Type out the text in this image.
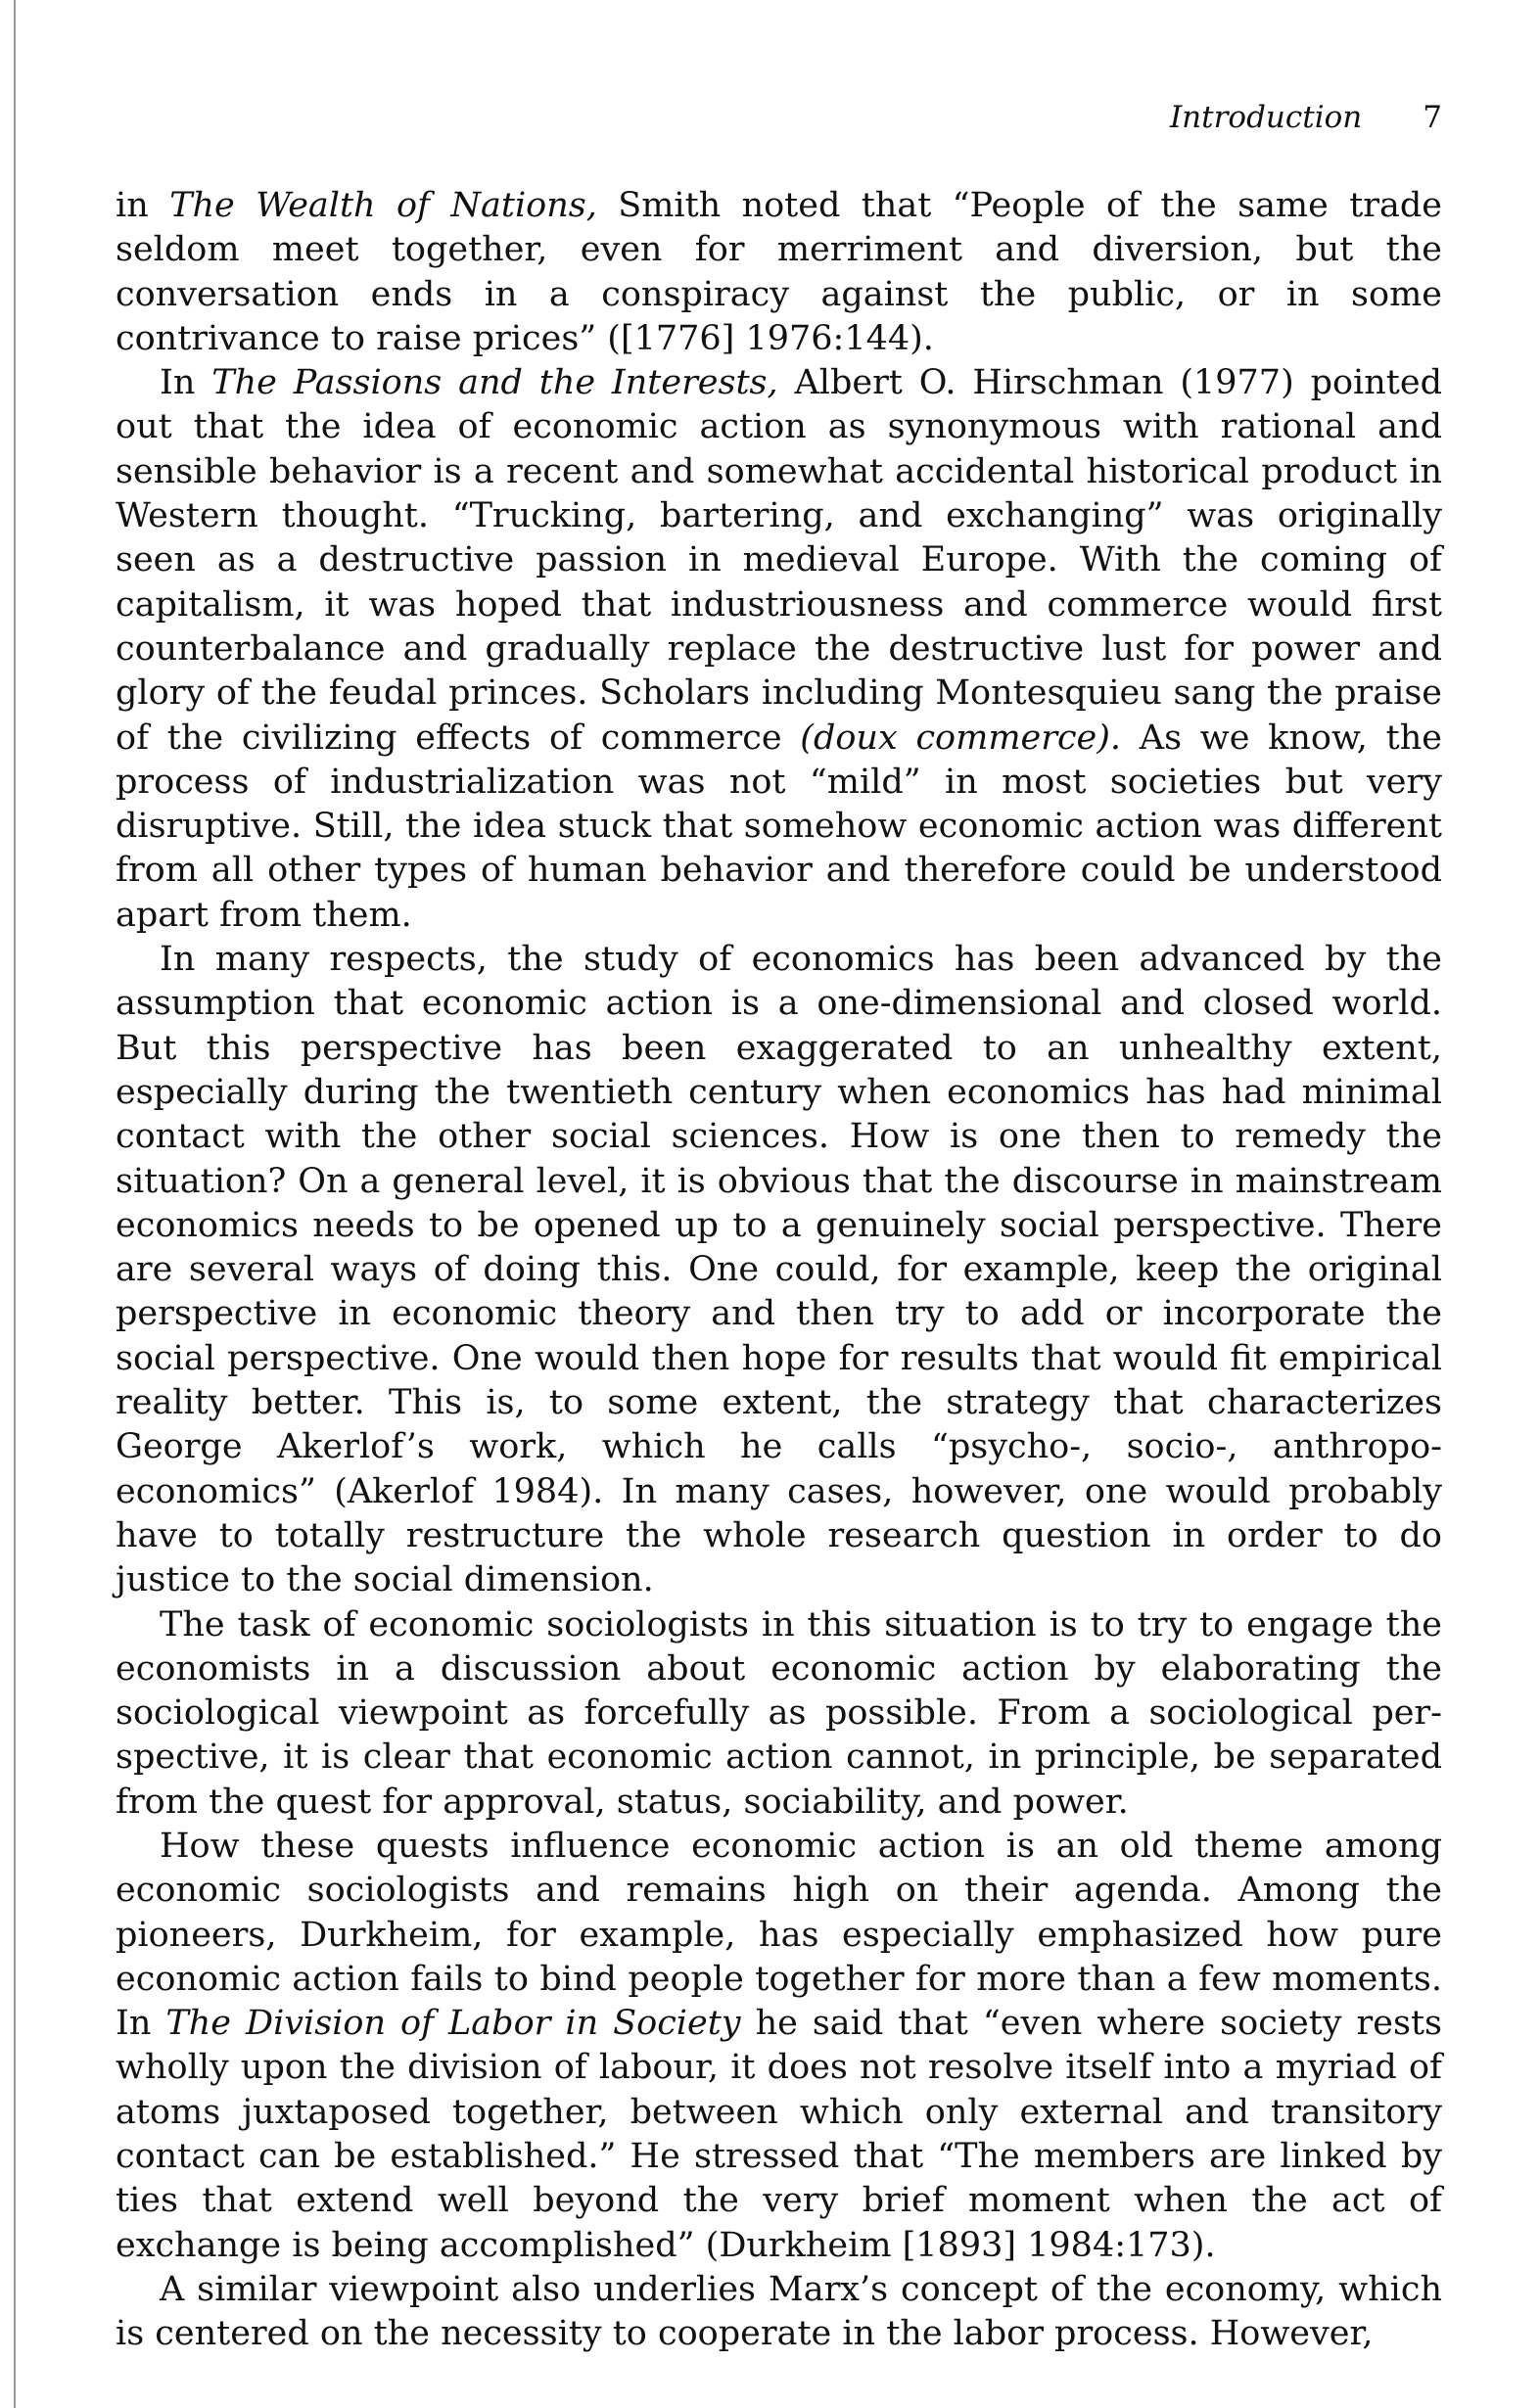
Introduction 7

in The Wealth of Nations, Smith noted that “People of the same trade seldom meet together, even for merriment and diversion, but the conversation ends in a conspiracy against the public, or in some contrivance to raise prices” ([1776] 1976:144).

In The Passions and the Interests, Albert O. Hirschman (1977) pointed out that the idea of economic action as synonymous with rational and sensible behavior is a recent and somewhat accidental historical product in Western thought. “Trucking, bartering, and exchanging” was originally seen as a destructive passion in medieval Europe. With the coming of capitalism, it was hoped that industriousness and commerce would first counterbalance and gradually replace the destructive lust for power and glory of the feudal princes. Scholars including Montesquieu sang the praise of the civilizing effects of commerce (doux commerce). As we know, the process of industrialization was not “mild” in most societies but very disruptive. Still, the idea stuck that somehow economic action was different from all other types of human behavior and therefore could be understood apart from them.

In many respects, the study of economics has been advanced by the assumption that economic action is a one-dimensional and closed world. But this perspective has been exaggerated to an unhealthy extent, especially during the twentieth century when economics has had minimal contact with the other social sciences. How is one then to remedy the situation? On a general level, it is obvious that the discourse in mainstream economics needs to be opened up to a genuinely social perspective. There are several ways of doing this. One could, for example, keep the original perspective in economic theory and then try to add or incorporate the social perspective. One would then hope for results that would fit empirical reality better. This is, to some extent, the strategy that characterizes George Akerlof’s work, which he calls “psycho-, socio-, anthropo-economics” (Akerlof 1984). In many cases, however, one would probably have to totally restructure the whole research question in order to do justice to the social dimension.

The task of economic sociologists in this situation is to try to engage the economists in a discussion about economic action by elaborating the sociological viewpoint as forcefully as possible. From a sociological perspective, it is clear that economic action cannot, in principle, be separated from the quest for approval, status, sociability, and power.

How these quests influence economic action is an old theme among economic sociologists and remains high on their agenda. Among the pioneers, Durkheim, for example, has especially emphasized how pure economic action fails to bind people together for more than a few moments. In The Division of Labor in Society he said that “even where society rests wholly upon the division of labour, it does not resolve itself into a myriad of atoms juxtaposed together, between which only external and transitory contact can be established.” He stressed that “The members are linked by ties that extend well beyond the very brief moment when the act of exchange is being accomplished” (Durkheim [1893] 1984:173).

A similar viewpoint also underlies Marx’s concept of the economy, which is centered on the necessity to cooperate in the labor process. However,
